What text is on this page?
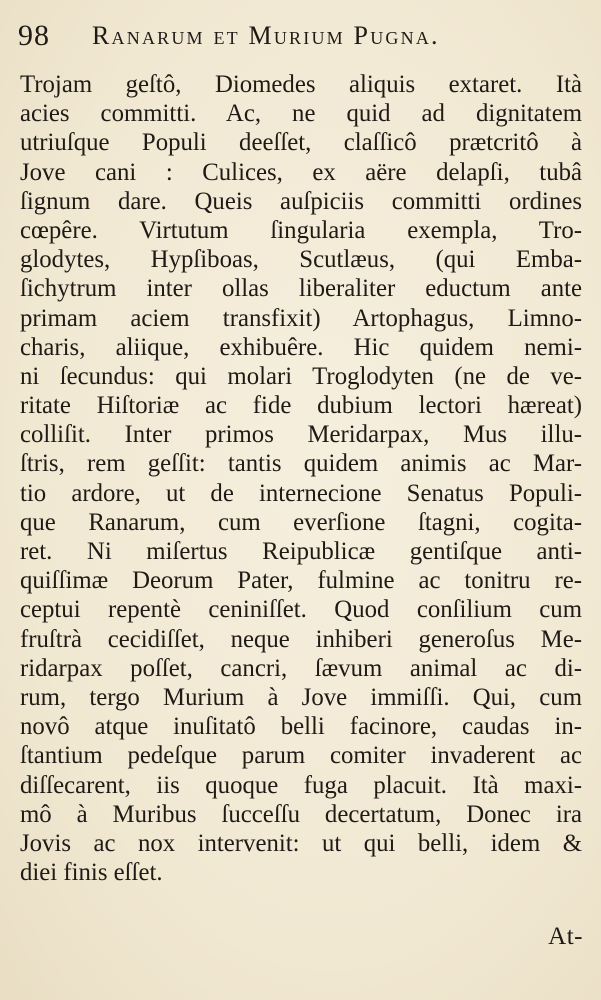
98 Ranarum et Murium Pugna.
Trojam geſtô, Diomedes aliquis extaret. Ità
acies committi. Ac, ne quid ad dignitatem
utriuſque Populi deeſſet, claſſicô prætcritô à
Jove cani : Culices, ex aëre delapſi, tubâ
ſignum dare. Queis auſpiciis committi ordines
cœpêre. Virtutum ſingularia exempla, Tro-
glodytes, Hypſiboas, Scutlæus, (qui Emba-
ſichytrum inter ollas liberaliter eductum ante
primam aciem transfixit) Artophagus, Limno-
charis, aliique, exhibuêre. Hic quidem nemi-
ni ſecundus: qui molari Troglodyten (ne de ve-
ritate Hiſtoriæ ac fide dubium lectori hæreat)
colliſit. Inter primos Meridarpax, Mus illu-
ſtris, rem geſſit: tantis quidem animis ac Mar-
tio ardore, ut de internecione Senatus Populi-
que Ranarum, cum everſione ſtagni, cogita-
ret. Ni miſertus Reipublicæ gentiſque anti-
quiſſimæ Deorum Pater, fulmine ac tonitru re-
ceptui repentè ceniniſſet. Quod conſilium cum
fruſtrà cecidiſſet, neque inhiberi generoſus Me-
ridarpax poſſet, cancri, ſævum animal ac di-
rum, tergo Murium à Jove immiſſi. Qui, cum
novô atque inuſitatô belli facinore, caudas in-
ſtantium pedeſque parum comiter invaderent ac
diſſecarent, iis quoque fuga placuit. Ità maxi-
mô à Muribus ſucceſſu decertatum, Donec ira
Jovis ac nox intervenit: ut qui belli, idem &
diei finis eſſet.
At-
